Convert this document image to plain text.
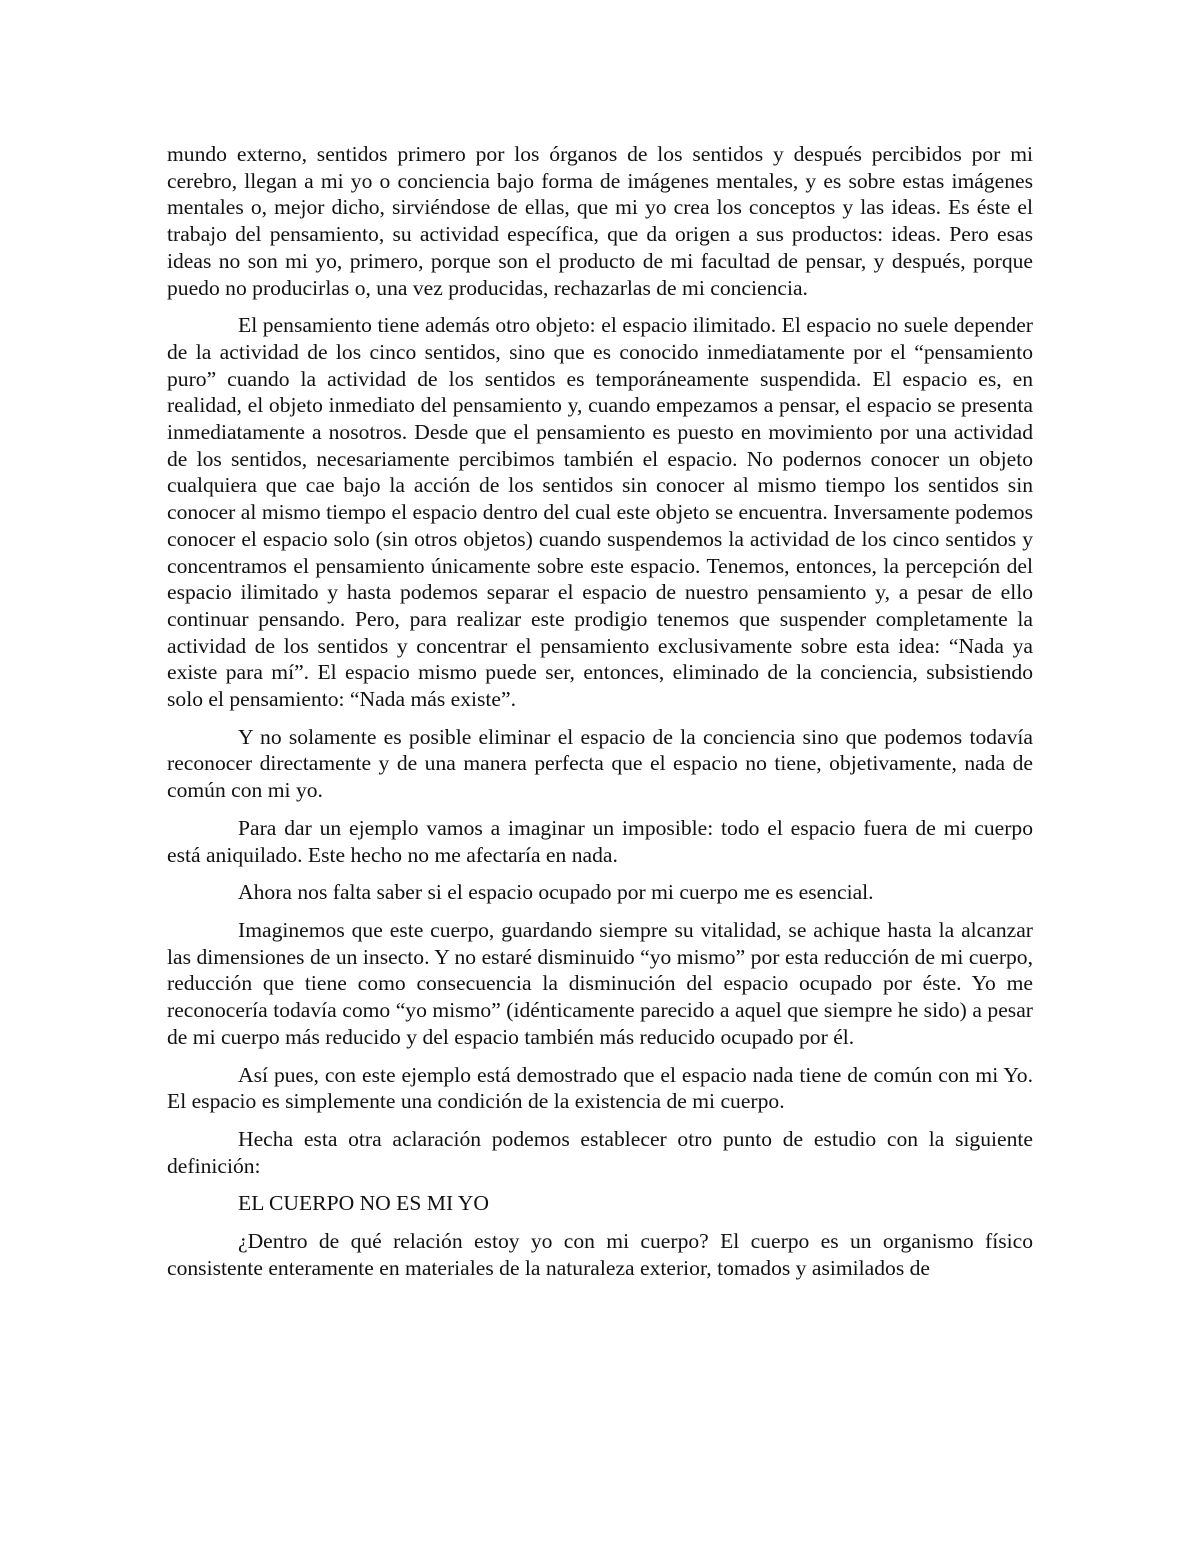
mundo externo, sentidos primero por los órganos de los sentidos y después percibidos por mi cerebro, llegan a mi yo o conciencia bajo forma de imágenes mentales, y es sobre estas imágenes mentales o, mejor dicho, sirviéndose de ellas, que mi yo crea los conceptos y las ideas. Es éste el trabajo del pensamiento, su actividad específica, que da origen a sus productos: ideas. Pero esas ideas no son mi yo, primero, porque son el producto de mi facultad de pensar, y después, porque puedo no producirlas o, una vez producidas, rechazarlas de mi conciencia.

El pensamiento tiene además otro objeto: el espacio ilimitado. El espacio no suele depender de la actividad de los cinco sentidos, sino que es conocido inmediatamente por el “pensamiento puro” cuando la actividad de los sentidos es temporáneamente suspendida. El espacio es, en realidad, el objeto inmediato del pensamiento y, cuando empezamos a pensar, el espacio se presenta inmediatamente a nosotros. Desde que el pensamiento es puesto en movimiento por una actividad de los sentidos, necesariamente percibimos también el espacio. No podernos conocer un objeto cualquiera que cae bajo la acción de los sentidos sin conocer al mismo tiempo los sentidos sin conocer al mismo tiempo el espacio dentro del cual este objeto se encuentra. Inversamente podemos conocer el espacio solo (sin otros objetos) cuando suspendemos la actividad de los cinco sentidos y concentramos el pensamiento únicamente sobre este espacio. Tenemos, entonces, la percepción del espacio ilimitado y hasta podemos separar el espacio de nuestro pensamiento y, a pesar de ello continuar pensando. Pero, para realizar este prodigio tenemos que suspender completamente la actividad de los sentidos y concentrar el pensamiento exclusivamente sobre esta idea: “Nada ya existe para mí”. El espacio mismo puede ser, entonces, eliminado de la conciencia, subsistiendo solo el pensamiento: “Nada más existe”.

Y no solamente es posible eliminar el espacio de la conciencia sino que podemos todavía reconocer directamente y de una manera perfecta que el espacio no tiene, objetivamente, nada de común con mi yo.

Para dar un ejemplo vamos a imaginar un imposible: todo el espacio fuera de mi cuerpo está aniquilado. Este hecho no me afectaría en nada.

Ahora nos falta saber si el espacio ocupado por mi cuerpo me es esencial.

Imaginemos que este cuerpo, guardando siempre su vitalidad, se achique hasta la alcanzar las dimensiones de un insecto. Y no estaré disminuido “yo mismo” por esta reducción de mi cuerpo, reducción que tiene como consecuencia la disminución del espacio ocupado por éste. Yo me reconocería todavía como “yo mismo” (idénticamente parecido a aquel que siempre he sido) a pesar de mi cuerpo más reducido y del espacio también más reducido ocupado por él.

Así pues, con este ejemplo está demostrado que el espacio nada tiene de común con mi Yo. El espacio es simplemente una condición de la existencia de mi cuerpo.

Hecha esta otra aclaración podemos establecer otro punto de estudio con la siguiente definición:

EL CUERPO NO ES MI YO

¿Dentro de qué relación estoy yo con mi cuerpo? El cuerpo es un organismo físico consistente enteramente en materiales de la naturaleza exterior, tomados y asimilados de
